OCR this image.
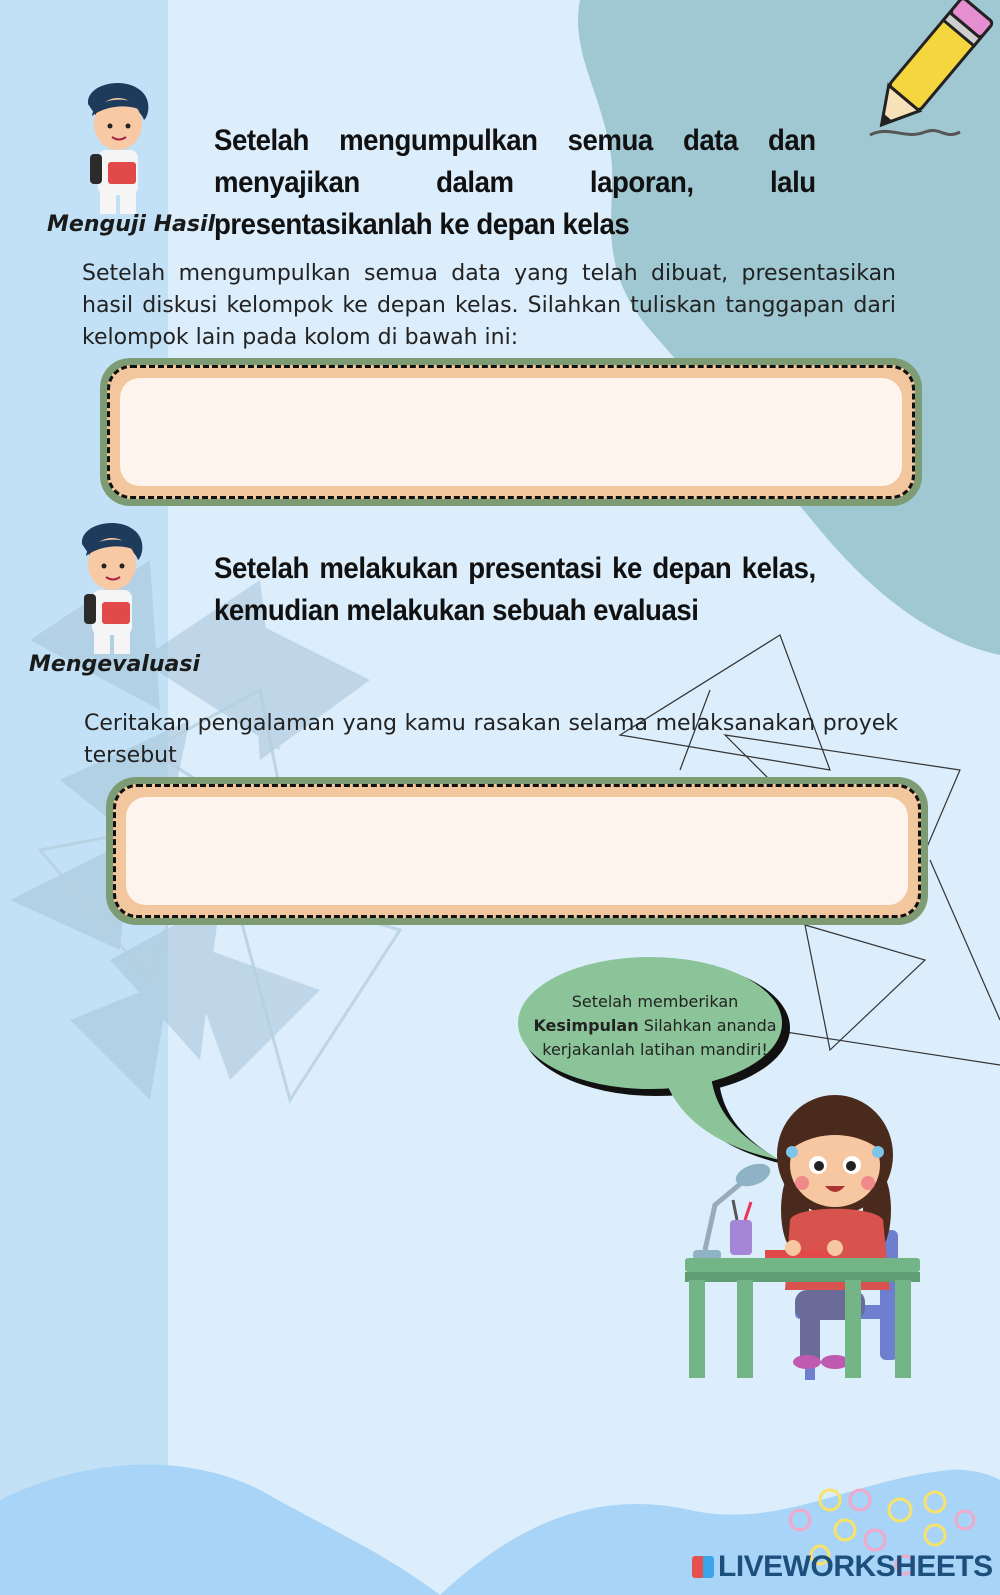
Menguji Hasil
Setelah mengumpulkan semua data dan menyajikan dalam laporan, lalu presentasikanlah ke depan kelas
Setelah mengumpulkan semua data yang telah dibuat, presentasikan hasil diskusi kelompok ke depan kelas. Silahkan tuliskan tanggapan dari kelompok lain pada kolom di bawah ini:
Mengevaluasi
Setelah melakukan presentasi ke depan kelas, kemudian melakukan sebuah evaluasi
Ceritakan pengalaman yang kamu rasakan selama melaksanakan proyek tersebut
Setelah memberikan
Kesimpulan Silahkan ananda
kerjakanlah latihan mandiri!
LIVEWORKSHEETS
